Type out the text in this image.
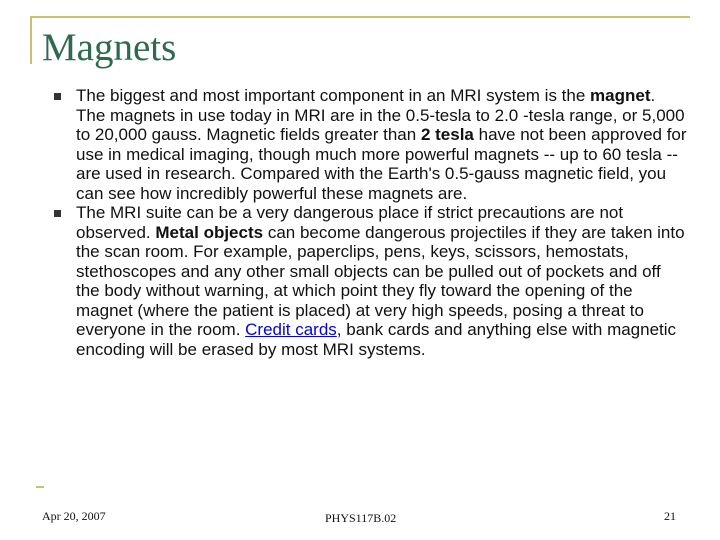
Magnets
The biggest and most important component in an MRI system is the magnet. The magnets in use today in MRI are in the 0.5-tesla to 2.0 -tesla range, or 5,000 to 20,000 gauss. Magnetic fields greater than 2 tesla have not been approved for use in medical imaging, though much more powerful magnets -- up to 60 tesla -- are used in research. Compared with the Earth's 0.5-gauss magnetic field, you can see how incredibly powerful these magnets are.
The MRI suite can be a very dangerous place if strict precautions are not observed. Metal objects can become dangerous projectiles if they are taken into the scan room. For example, paperclips, pens, keys, scissors, hemostats, stethoscopes and any other small objects can be pulled out of pockets and off the body without warning, at which point they fly toward the opening of the magnet (where the patient is placed) at very high speeds, posing a threat to everyone in the room. Credit cards, bank cards and anything else with magnetic encoding will be erased by most MRI systems.
Apr 20, 2007	PHYS117B.02	21
